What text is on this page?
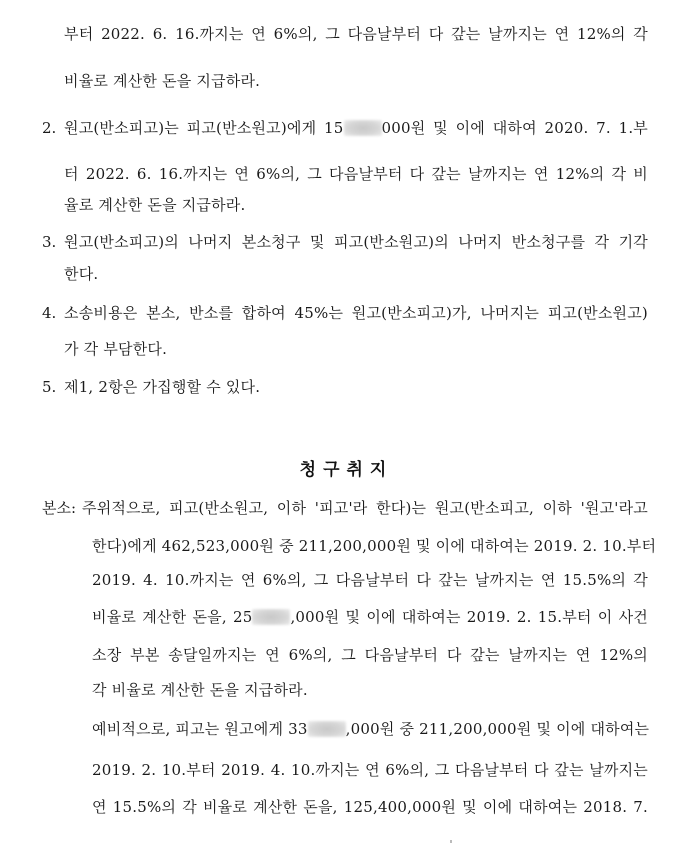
부터 2022. 6. 16.까지는 연 6%의, 그 다음날부터 다 갚는 날까지는 연 12%의 각
비율로 계산한 돈을 지급하라.
2. 원고(반소피고)는 피고(반소원고)에게 15	000원 및 이에 대하여 2020. 7. 1.부
터 2022. 6. 16.까지는 연 6%의, 그 다음날부터 다 갚는 날까지는 연 12%의 각 비
율로 계산한 돈을 지급하라.
3. 원고(반소피고)의 나머지 본소청구 및 피고(반소원고)의 나머지 반소청구를 각 기각
한다.
4. 소송비용은 본소, 반소를 합하여 45%는 원고(반소피고)가, 나머지는 피고(반소원고)
가 각 부담한다.
5. 제1, 2항은 가집행할 수 있다.
청구취지
본소: 주위적으로, 피고(반소원고, 이하 '피고'라 한다)는 원고(반소피고, 이하 '원고'라고
한다)에게 462,523,000원 중 211,200,000원 및 이에 대하여는 2019. 2. 10.부터
2019. 4. 10.까지는 연 6%의, 그 다음날부터 다 갚는 날까지는 연 15.5%의 각
비율로 계산한 돈을, 25	,000원 및 이에 대하여는 2019. 2. 15.부터 이 사건
소장 부본 송달일까지는 연 6%의, 그 다음날부터 다 갚는 날까지는 연 12%의
각 비율로 계산한 돈을 지급하라.
예비적으로, 피고는 원고에게 33	,000원 중 211,200,000원 및 이에 대하여는
2019. 2. 10.부터 2019. 4. 10.까지는 연 6%의, 그 다음날부터 다 갚는 날까지는
연 15.5%의 각 비율로 계산한 돈을, 125,400,000원 및 이에 대하여는 2018. 7.
